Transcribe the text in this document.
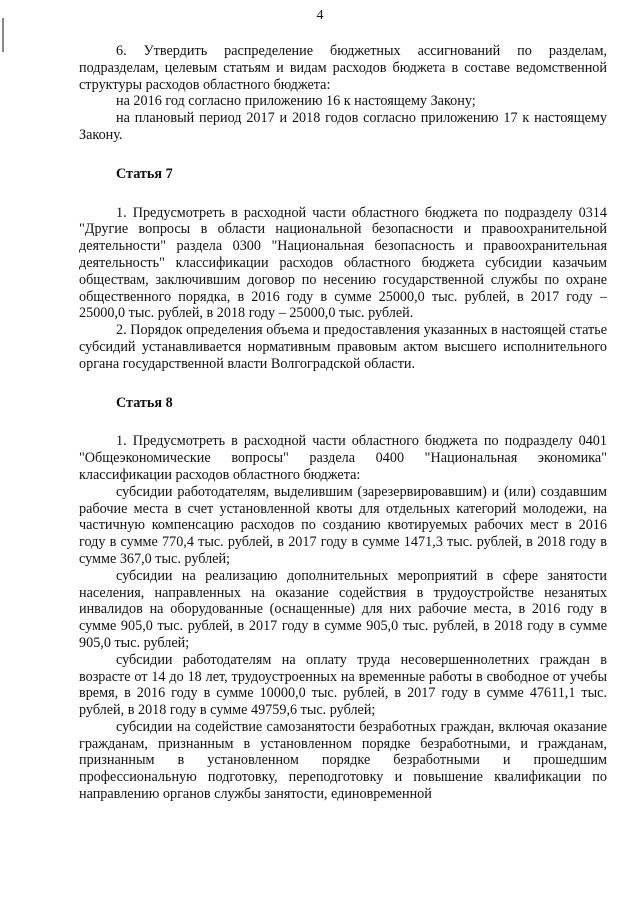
4

6. Утвердить распределение бюджетных ассигнований по разделам, подразделам, целевым статьям и видам расходов бюджета в составе ведомственной структуры расходов областного бюджета:

на 2016 год согласно приложению 16 к настоящему Закону;

на плановый период 2017 и 2018 годов согласно приложению 17 к настоящему Закону.

Статья 7

1. Предусмотреть в расходной части областного бюджета по подразделу 0314 "Другие вопросы в области национальной безопасности и правоохранительной деятельности" раздела 0300 "Национальная безопасность и правоохранительная деятельность" классификации расходов областного бюджета субсидии казачьим обществам, заключившим договор по несению государственной службы по охране общественного порядка, в 2016 году в сумме 25000,0 тыс. рублей, в 2017 году – 25000,0 тыс. рублей, в 2018 году – 25000,0 тыс. рублей.

2. Порядок определения объема и предоставления указанных в настоящей статье субсидий устанавливается нормативным правовым актом высшего исполнительного органа государственной власти Волгоградской области.

Статья 8

1. Предусмотреть в расходной части областного бюджета по подразделу 0401 "Общеэкономические вопросы" раздела 0400 "Национальная экономика" классификации расходов областного бюджета:

субсидии работодателям, выделившим (зарезервировавшим) и (или) создавшим рабочие места в счет установленной квоты для отдельных категорий молодежи, на частичную компенсацию расходов по созданию квотируемых рабочих мест в 2016 году в сумме 770,4 тыс. рублей, в 2017 году в сумме 1471,3 тыс. рублей, в 2018 году в сумме 367,0 тыс. рублей;

субсидии на реализацию дополнительных мероприятий в сфере занятости населения, направленных на оказание содействия в трудоустройстве незанятых инвалидов на оборудованные (оснащенные) для них рабочие места, в 2016 году в сумме 905,0 тыс. рублей, в 2017 году в сумме 905,0 тыс. рублей, в 2018 году в сумме 905,0 тыс. рублей;

субсидии работодателям на оплату труда несовершеннолетних граждан в возрасте от 14 до 18 лет, трудоустроенных на временные работы в свободное от учебы время, в 2016 году в сумме 10000,0 тыс. рублей, в 2017 году в сумме 47611,1 тыс. рублей, в 2018 году в сумме 49759,6 тыс. рублей;

субсидии на содействие самозанятости безработных граждан, включая оказание гражданам, признанным в установленном порядке безработными, и гражданам, признанным в установленном порядке безработными и прошедшим профессиональную подготовку, переподготовку и повышение квалификации по направлению органов службы занятости, единовременной
